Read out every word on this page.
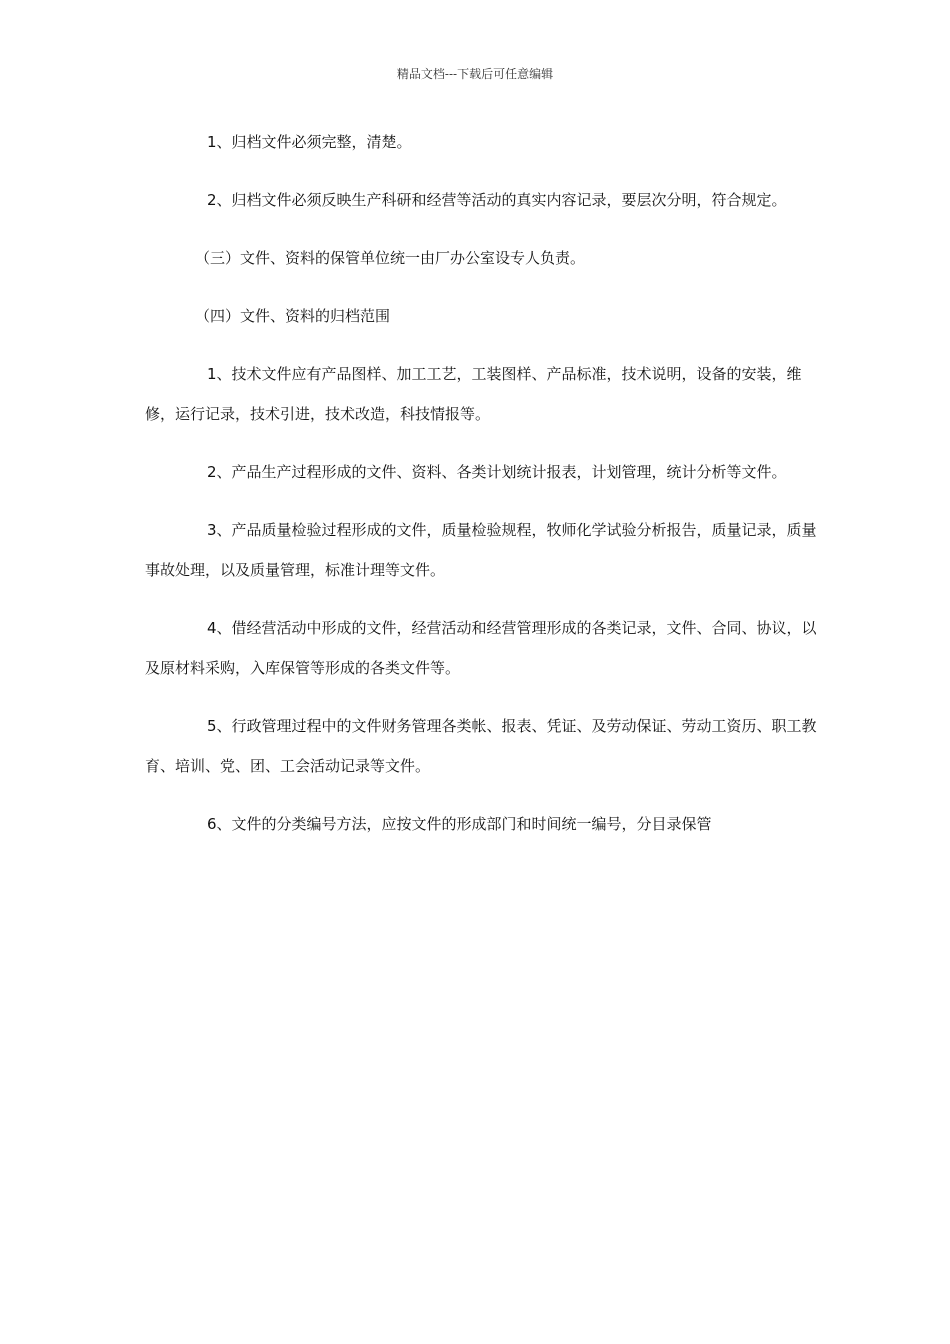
精品文档---下载后可任意编辑

1、归档文件必须完整，清楚。

2、归档文件必须反映生产科研和经营等活动的真实内容记录，要层次分明，符合规定。

（三）文件、资料的保管单位统一由厂办公室设专人负责。

（四）文件、资料的归档范围

1、技术文件应有产品图样、加工工艺，工装图样、产品标准，技术说明，设备的安装，维修，运行记录，技术引进，技术改造，科技情报等。

2、产品生产过程形成的文件、资料、各类计划统计报表，计划管理，统计分析等文件。

3、产品质量检验过程形成的文件，质量检验规程，牧师化学试验分析报告，质量记录，质量事故处理，以及质量管理，标准计理等文件。

4、借经营活动中形成的文件，经营活动和经营管理形成的各类记录，文件、合同、协议，以及原材料采购，入库保管等形成的各类文件等。

5、行政管理过程中的文件财务管理各类帐、报表、凭证、及劳动保证、劳动工资历、职工教育、培训、党、团、工会活动记录等文件。

6、文件的分类编号方法，应按文件的形成部门和时间统一编号，分目录保管
